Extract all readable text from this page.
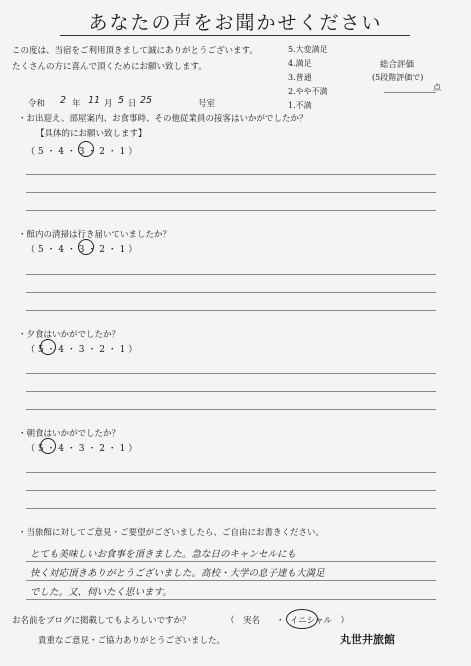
あなたの声をお聞かせください
この度は、当宿をご利用頂きまして誠にありがとうございます。
たくさんの方に喜んで頂くためにお願い致します。
5.大変満足
4.満足
3.普通
2.やや不満
1.不満
総合評価
(5段階評価で)
点
令和 2 年 11 月 5 日 25	号室
・お出迎え、部屋案内、お食事時、その他従業員の接客はいかがでしたか？
【具体的にお願い致します】
（ 5 ・ 4 ・ 3 ・ 2 ・ 1 ）
・館内の清掃は行き届いていましたか？
（ 5 ・ 4 ・ 3 ・ 2 ・ 1 ）
・夕食はいかがでしたか？
（ 5 ・ 4 ・ 3 ・ 2 ・ 1 ）
・朝食はいかがでしたか？
（ 5 ・ 4 ・ 3 ・ 2 ・ 1 ）
・当旅館に対してご意見・ご要望がございましたら、ご自由にお書きください。
とても美味しいお食事を頂きました。急な日のキャンセルにも
快く対応頂きありがとうございました。高校・大学の息子達も大満足
でした。又、伺いたく思います。
お名前をブログに掲載してもよろしいですか？	（　実名 ・ イニシャル　）
貴重なご意見・ご協力ありがとうございました。	丸世井旅館
